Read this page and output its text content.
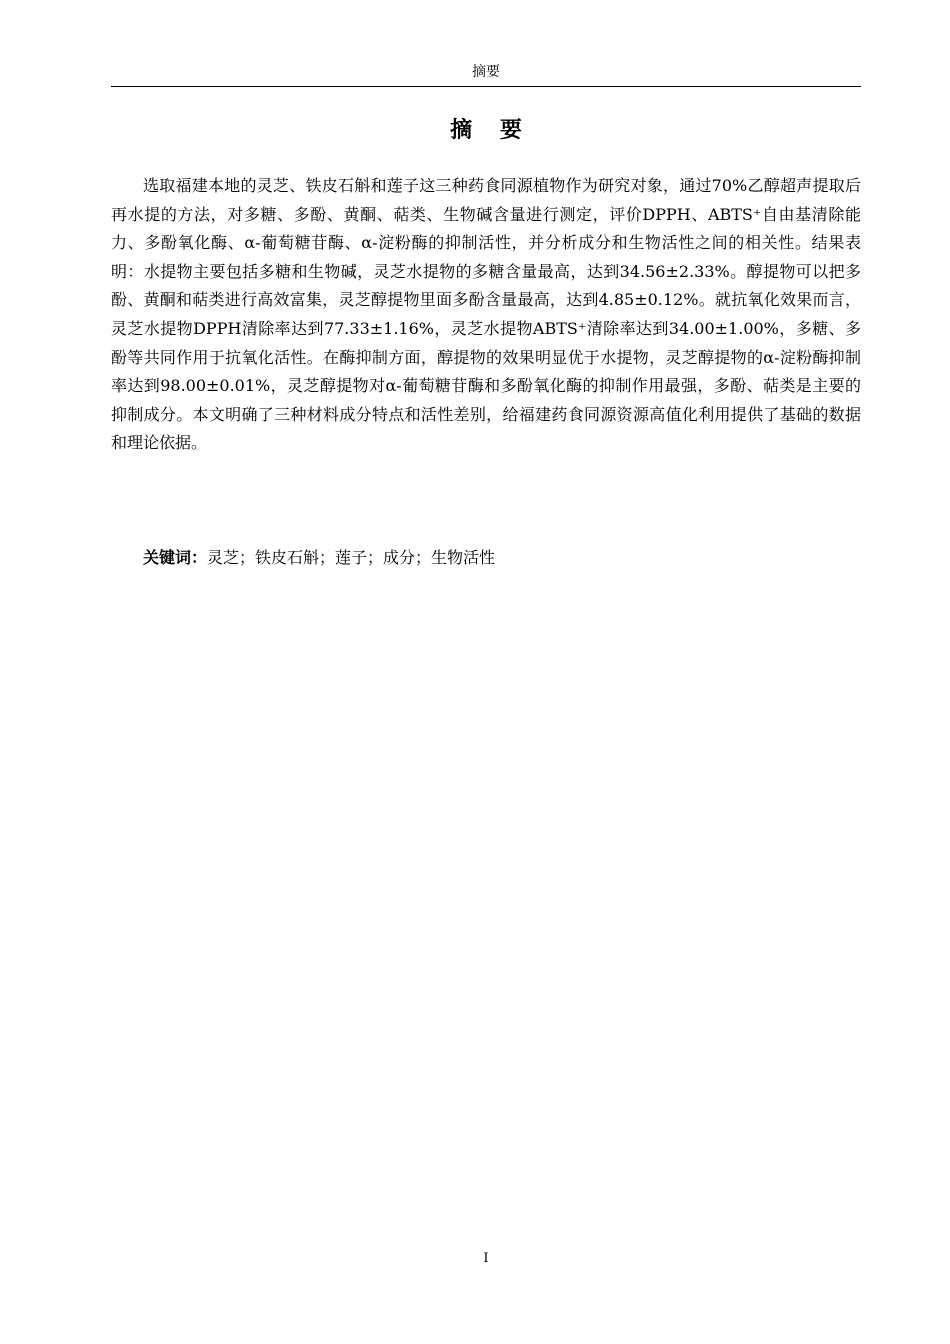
摘要
摘 要

选取福建本地的灵芝、铁皮石斛和莲子这三种药食同源植物作为研究对象，通过70%乙醇超声提取后再水提的方法，对多糖、多酚、黄酮、萜类、生物碱含量进行测定，评价DPPH、ABTS⁺自由基清除能力、多酚氧化酶、α-葡萄糖苷酶、α-淀粉酶的抑制活性，并分析成分和生物活性之间的相关性。结果表明：水提物主要包括多糖和生物碱，灵芝水提物的多糖含量最高，达到34.56±2.33%。醇提物可以把多酚、黄酮和萜类进行高效富集，灵芝醇提物里面多酚含量最高，达到4.85±0.12%。就抗氧化效果而言，灵芝水提物DPPH清除率达到77.33±1.16%，灵芝水提物ABTS⁺清除率达到34.00±1.00%，多糖、多酚等共同作用于抗氧化活性。在酶抑制方面，醇提物的效果明显优于水提物，灵芝醇提物的α-淀粉酶抑制率达到98.00±0.01%，灵芝醇提物对α-葡萄糖苷酶和多酚氧化酶的抑制作用最强，多酚、萜类是主要的抑制成分。本文明确了三种材料成分特点和活性差别，给福建药食同源资源高值化利用提供了基础的数据和理论依据。

关键词：灵芝；铁皮石斛；莲子；成分；生物活性

I
